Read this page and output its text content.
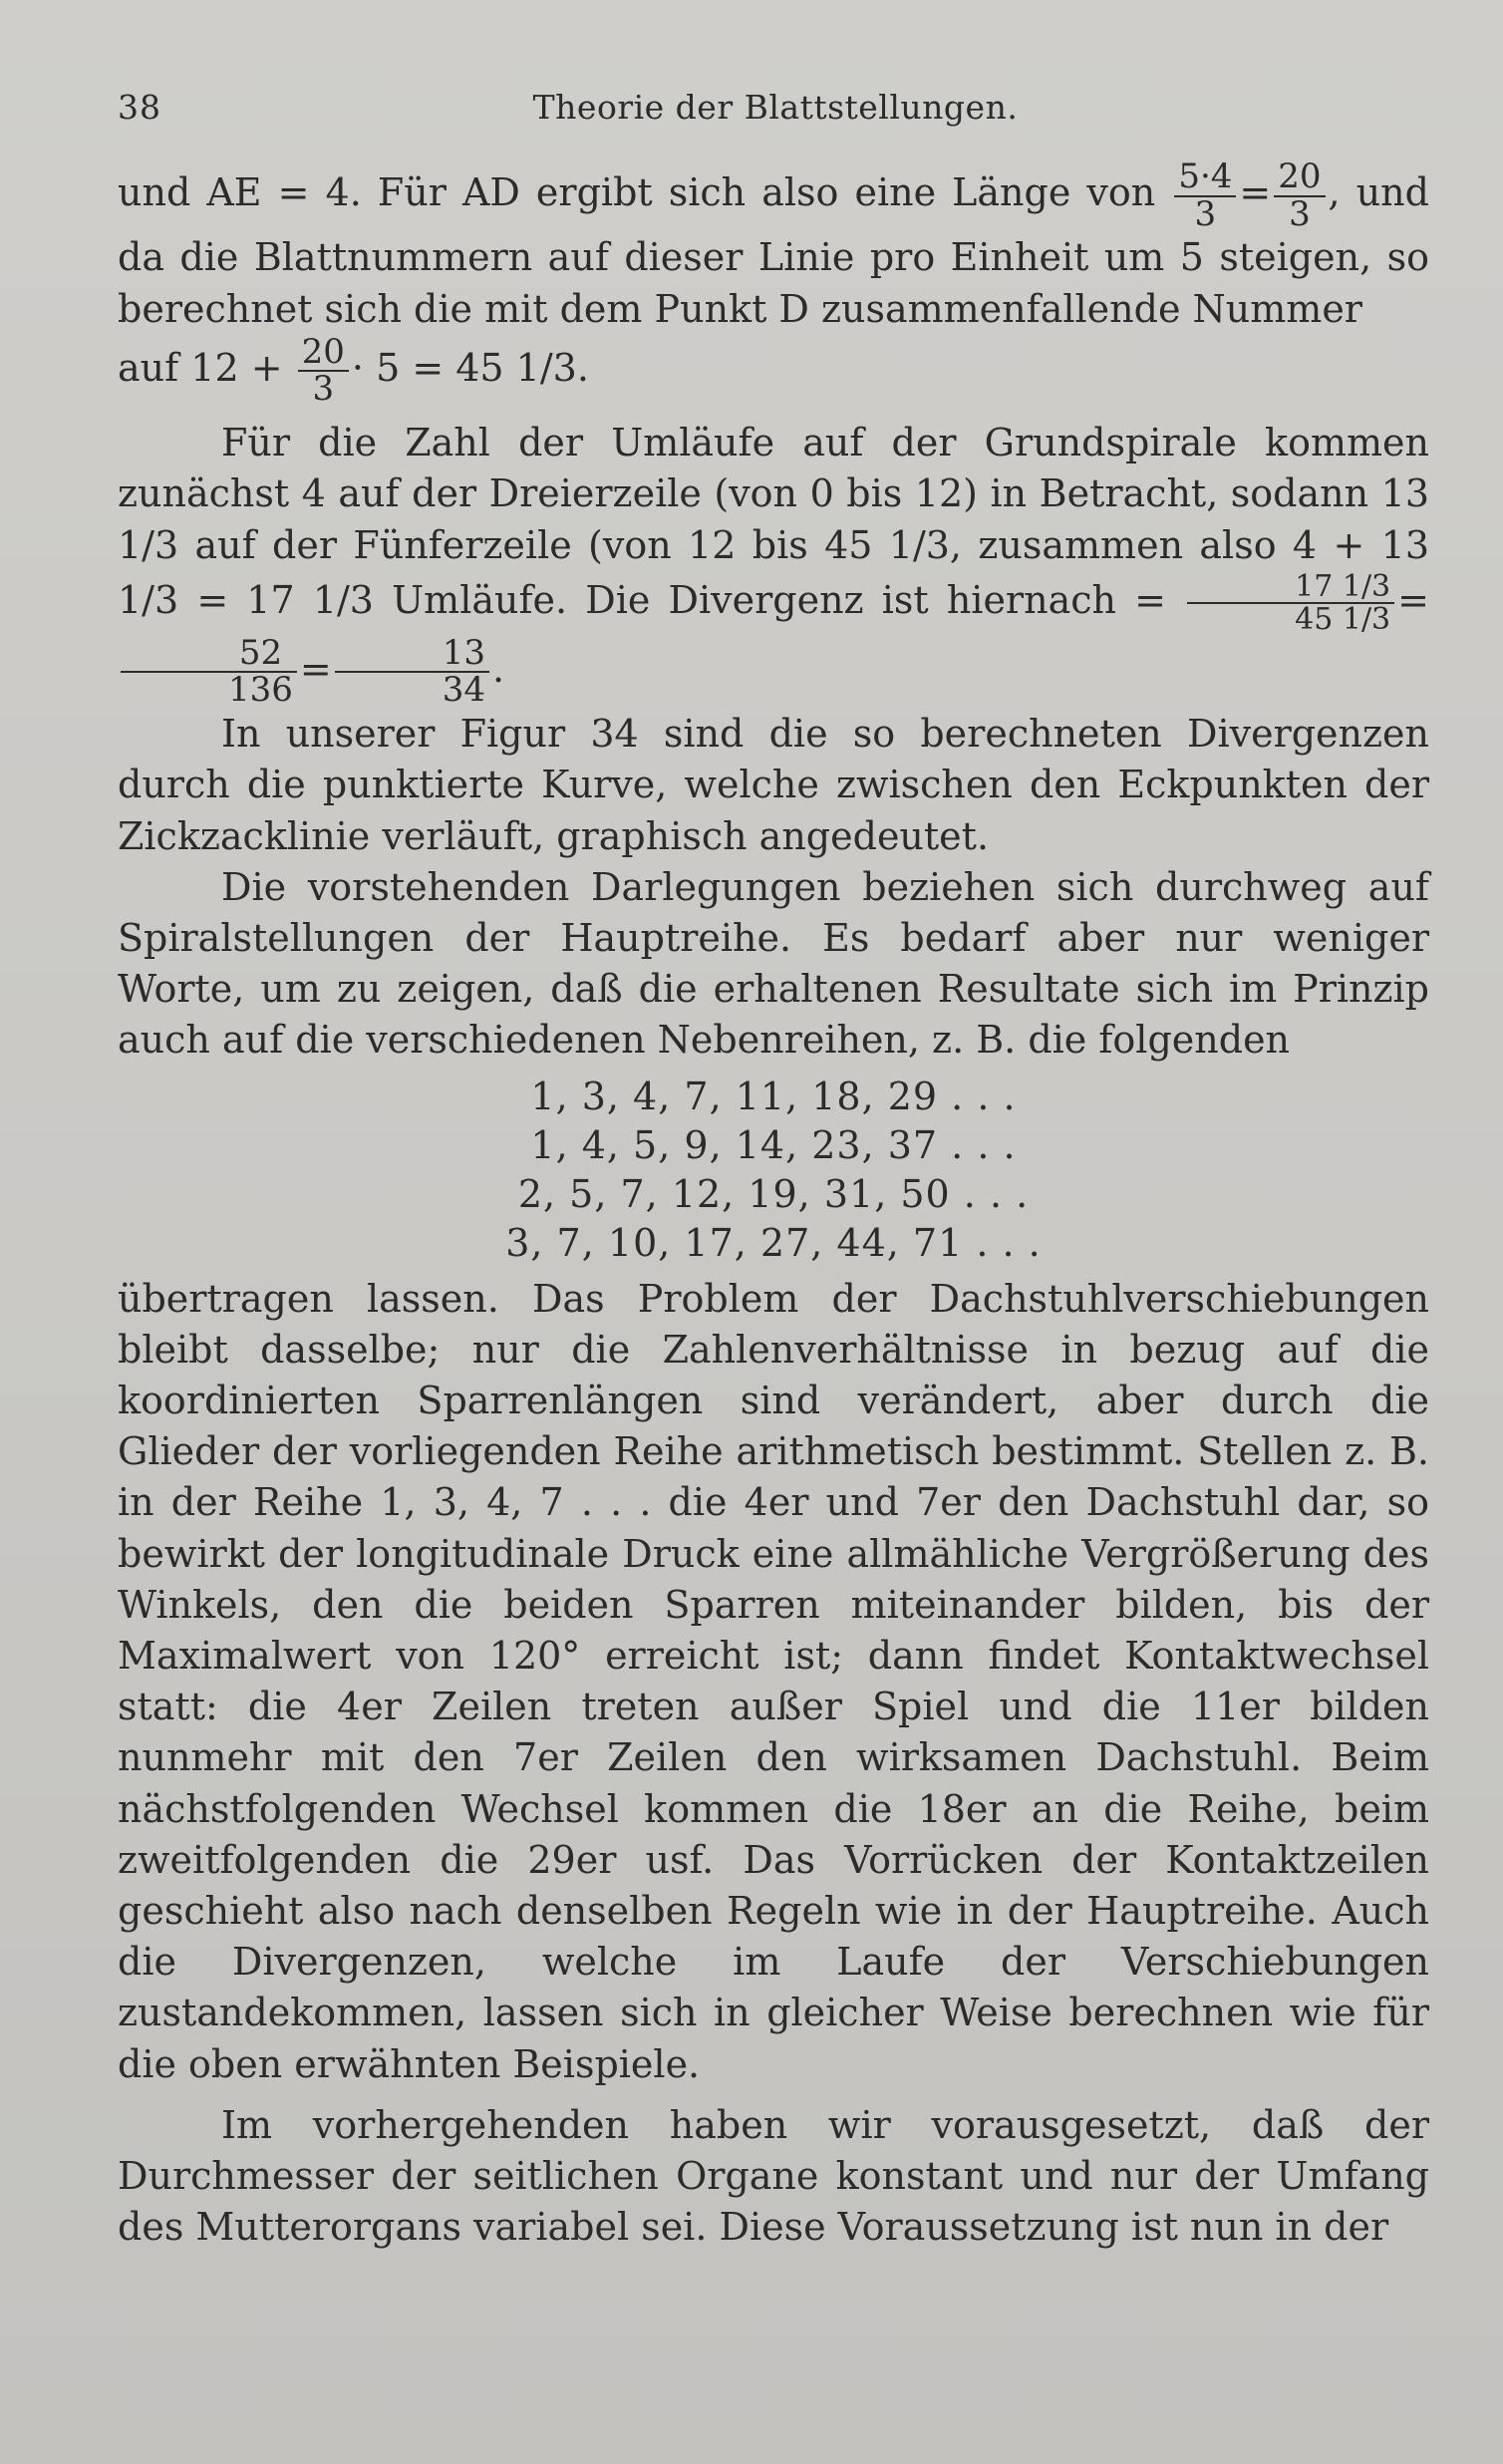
38	Theorie der Blattstellungen.

und AE = 4. Für AD ergibt sich also eine Länge von $\frac{5\cdot 4}{3} = \frac{20}{3}$ , und da die Blattnummern auf dieser Linie pro Einheit um 5 steigen, so berechnet sich die mit dem Punkt D zusammenfallende Nummer
auf $12 + \frac{20}{3} \cdot 5 = 45$ 1/3.

Für die Zahl der Umläufe auf der Grundspirale kommen zunächst 4 auf der Dreierzeile (von 0 bis 12) in Betracht, sodann 13 1/3 auf der Fünferzeile (von 12 bis 45 1/3, zusammen also 4 + 13 1/3 = 17 1/3 Umläufe. Die Divergenz ist hiernach = $\frac{17 1/3}{45 1/3}$ =
$\frac{52}{136} = \frac{13}{34}$ .

In unserer Figur 34 sind die so berechneten Divergenzen durch die punktierte Kurve, welche zwischen den Eckpunkten der Zickzacklinie verläuft, graphisch angedeutet.

Die vorstehenden Darlegungen beziehen sich durchweg auf Spiralstellungen der Hauptreihe. Es bedarf aber nur weniger Worte, um zu zeigen, daß die erhaltenen Resultate sich im Prinzip auch auf die verschiedenen Nebenreihen, z. B. die folgenden

1, 3, 4, 7, 11, 18, 29 . . .
1, 4, 5, 9, 14, 23, 37 . . .
2, 5, 7, 12, 19, 31, 50 . . .
3, 7, 10, 17, 27, 44, 71 . . .

übertragen lassen. Das Problem der Dachstuhlverschiebungen bleibt dasselbe; nur die Zahlenverhältnisse in bezug auf die koordinierten Sparrenlängen sind verändert, aber durch die Glieder der vorliegenden Reihe arithmetisch bestimmt. Stellen z. B. in der Reihe 1, 3, 4, 7 . . . die 4er und 7er den Dachstuhl dar, so bewirkt der longitudinale Druck eine allmähliche Vergrößerung des Winkels, den die beiden Sparren miteinander bilden, bis der Maximalwert von 120° erreicht ist; dann findet Kontaktwechsel statt: die 4er Zeilen treten außer Spiel und die 11er bilden nunmehr mit den 7er Zeilen den wirksamen Dachstuhl. Beim nächstfolgenden Wechsel kommen die 18er an die Reihe, beim zweitfolgenden die 29er usf. Das Vorrücken der Kontaktzeilen geschieht also nach denselben Regeln wie in der Hauptreihe. Auch die Divergenzen, welche im Laufe der Verschiebungen zustandekommen, lassen sich in gleicher Weise berechnen wie für die oben erwähnten Beispiele.

Im vorhergehenden haben wir vorausgesetzt, daß der Durchmesser der seitlichen Organe konstant und nur der Umfang des Mutterorgans variabel sei. Diese Voraussetzung ist nun in der
